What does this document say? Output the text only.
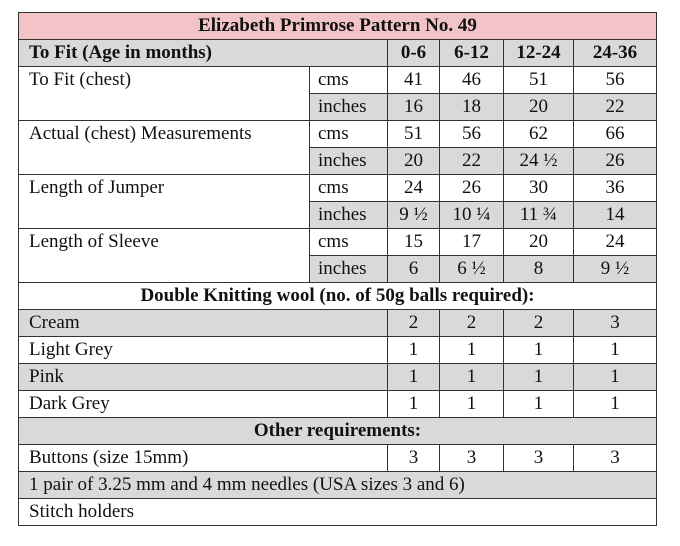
Elizabeth Primrose Pattern No. 49					
To Fit (Age in months)		0-6	6-12	12-24	24-36
To Fit (chest)	cms	41	46	51	56
	inches	16	18	20	22
Actual (chest) Measurements	cms	51	56	62	66
	inches	20	22	24 ½	26
Length of Jumper	cms	24	26	30	36
	inches	9 ½	10 ¼	11 ¾	14
Length of Sleeve	cms	15	17	20	24
	inches	6	6 ½	8	9 ½
Double Knitting wool (no. of 50g balls required):					
Cream		2	2	2	3
Light Grey		1	1	1	1
Pink		1	1	1	1
Dark Grey		1	1	1	1
Other requirements:					
Buttons (size 15mm)		3	3	3	3
1 pair of 3.25 mm and 4 mm needles (USA sizes 3 and 6)					
Stitch holders					
